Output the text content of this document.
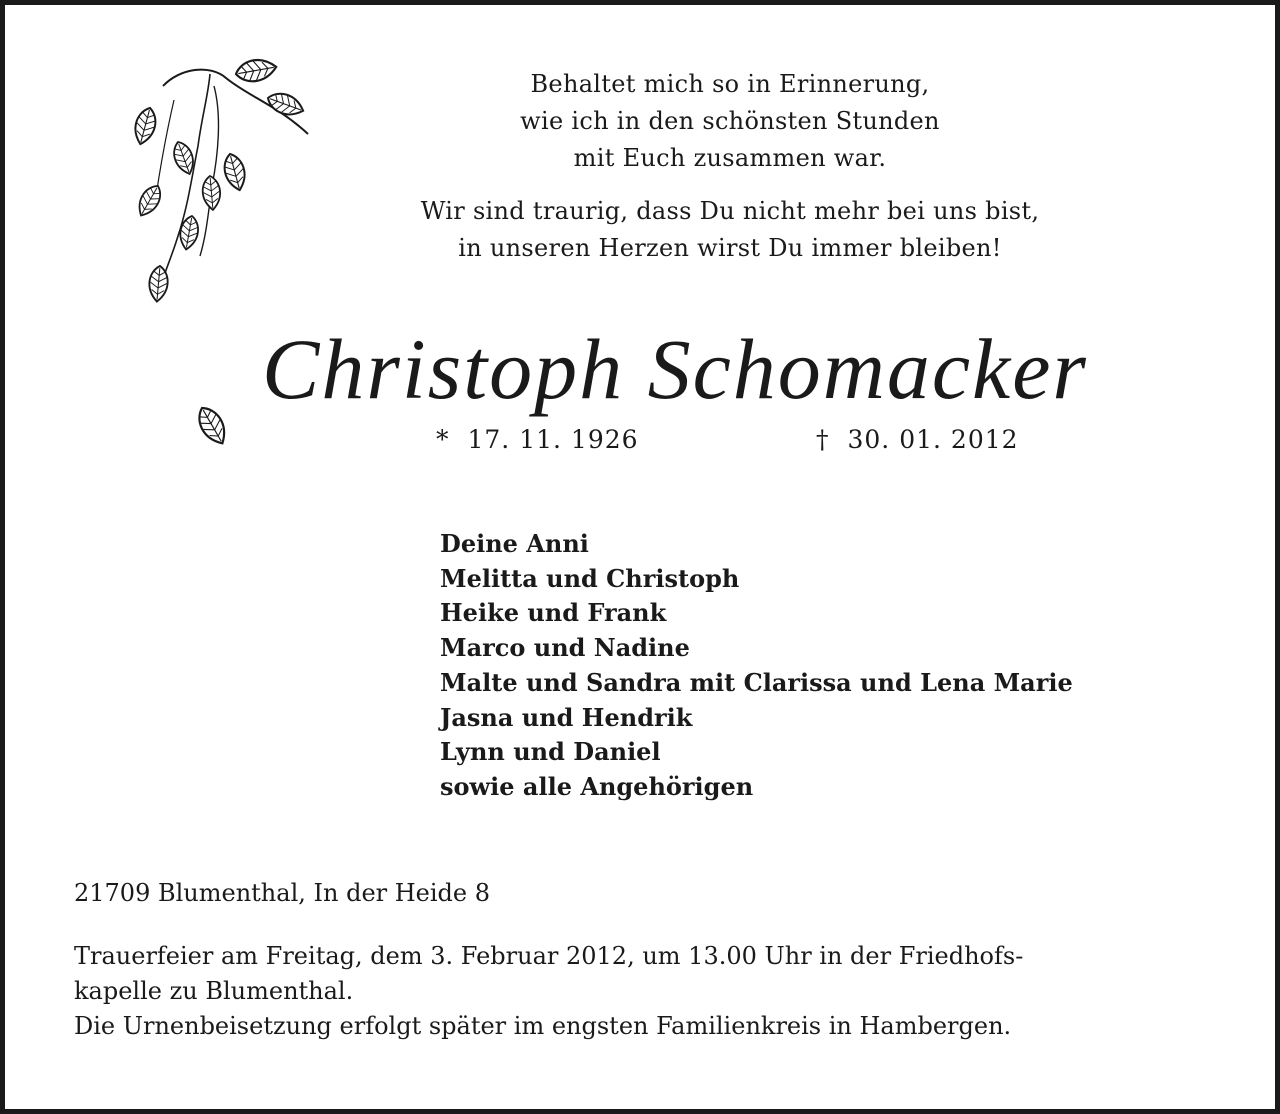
Behaltet mich so in Erinnerung,

wie ich in den schönsten Stunden

mit Euch zusammen war.

Wir sind traurig, dass Du nicht mehr bei uns bist,

in unseren Herzen wirst Du immer bleiben!

Christoph Schomacker
* 17. 11. 1926	† 30. 01. 2012
Deine Anni
Melitta und Christoph
Heike und Frank
Marco und Nadine
Malte und Sandra mit Clarissa und Lena Marie
Jasna und Hendrik
Lynn und Daniel
sowie alle Angehörigen
21709 Blumenthal, In der Heide 8
Trauerfeier am Freitag, dem 3. Februar 2012, um 13.00 Uhr in der Friedhofs-
kapelle zu Blumenthal.
Die Urnenbeisetzung erfolgt später im engsten Familienkreis in Hambergen.
